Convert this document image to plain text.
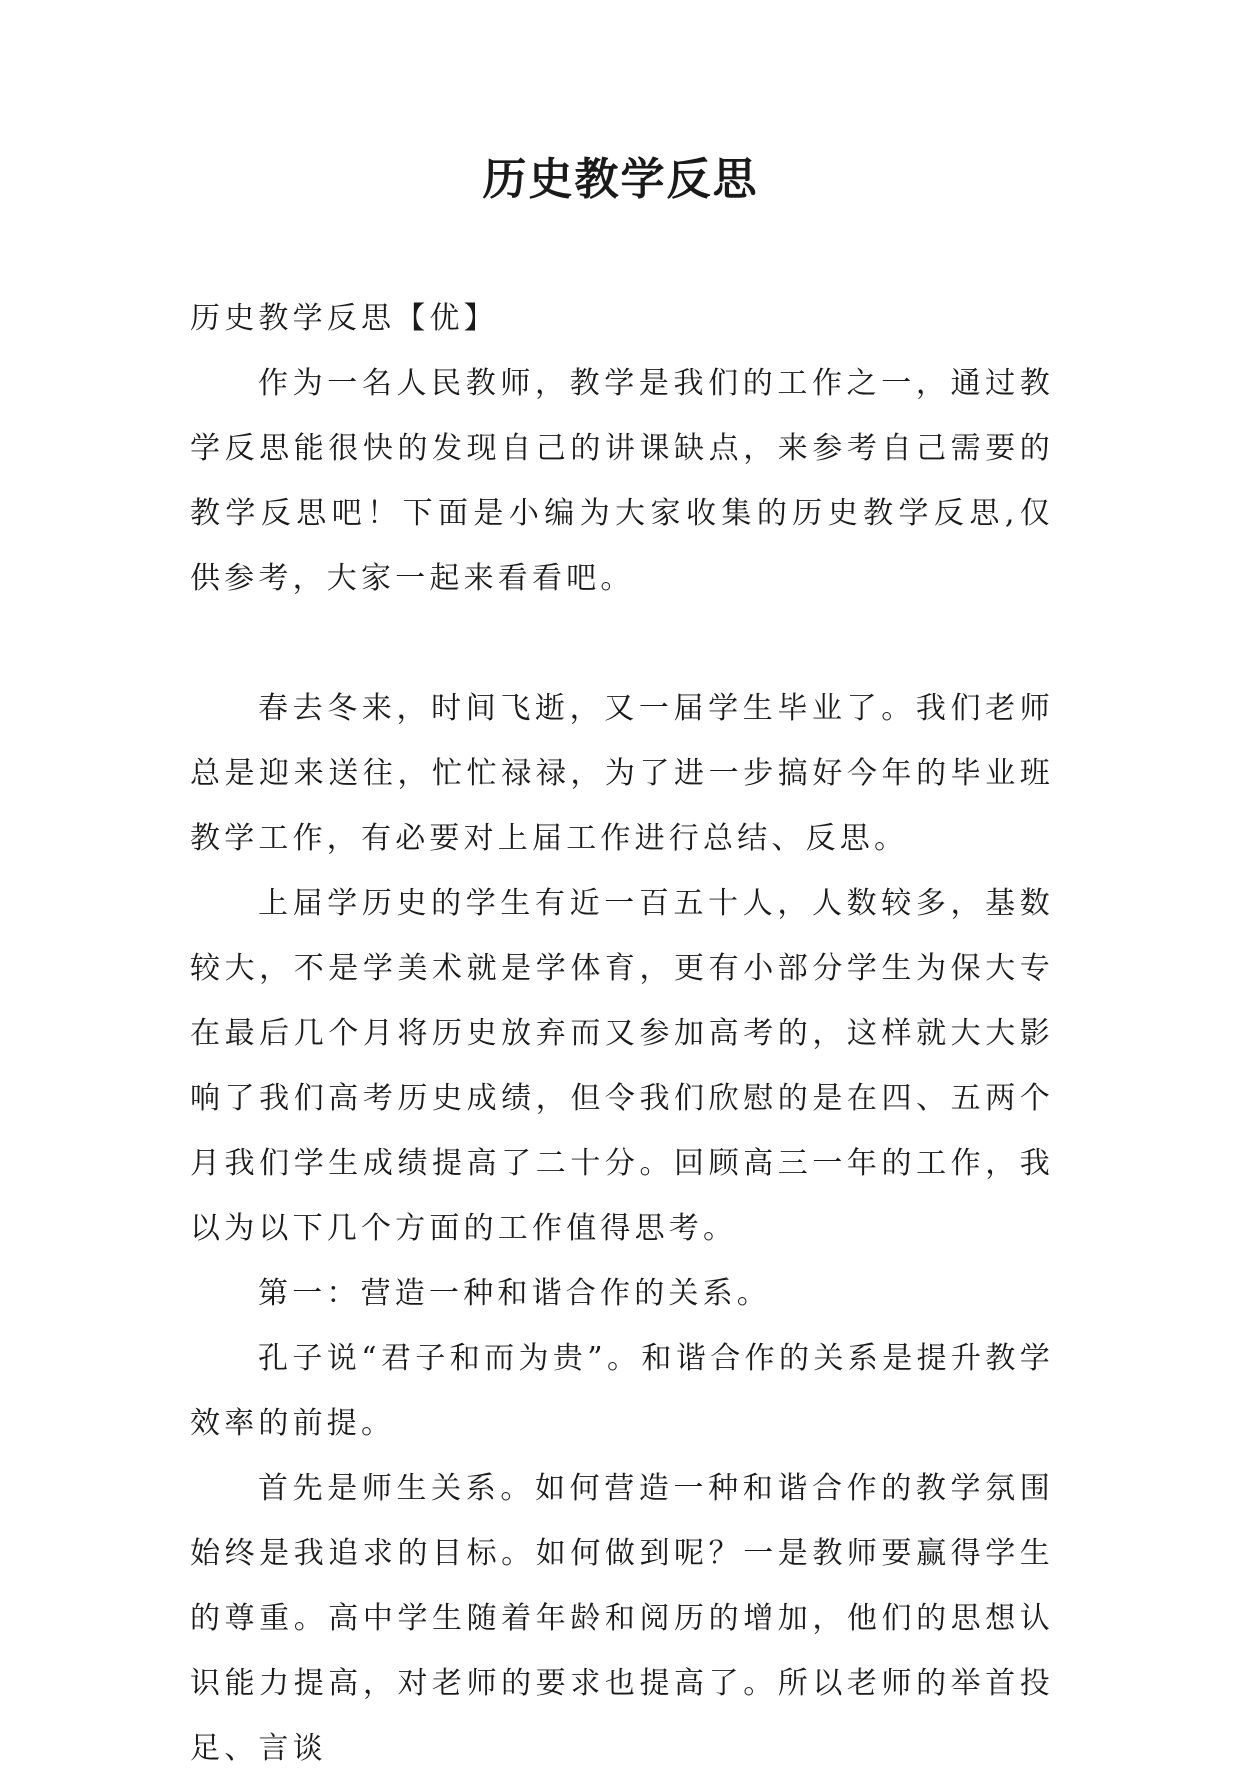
历史教学反思

历史教学反思【优】

作为一名人民教师，教学是我们的工作之一，通过教学反思能很快的发现自己的讲课缺点，来参考自己需要的教学反思吧！下面是小编为大家收集的历史教学反思,仅供参考，大家一起来看看吧。

春去冬来，时间飞逝，又一届学生毕业了。我们老师总是迎来送往，忙忙禄禄，为了进一步搞好今年的毕业班教学工作，有必要对上届工作进行总结、反思。

上届学历史的学生有近一百五十人，人数较多，基数较大，不是学美术就是学体育，更有小部分学生为保大专在最后几个月将历史放弃而又参加高考的，这样就大大影响了我们高考历史成绩，但令我们欣慰的是在四、五两个月我们学生成绩提高了二十分。回顾高三一年的工作，我以为以下几个方面的工作值得思考。

第一：营造一种和谐合作的关系。

孔子说“君子和而为贵”。和谐合作的关系是提升教学效率的前提。

首先是师生关系。如何营造一种和谐合作的教学氛围始终是我追求的目标。如何做到呢？一是教师要赢得学生的尊重。高中学生随着年龄和阅历的增加，他们的思想认识能力提高，对老师的要求也提高了。所以老师的举首投足、言谈
